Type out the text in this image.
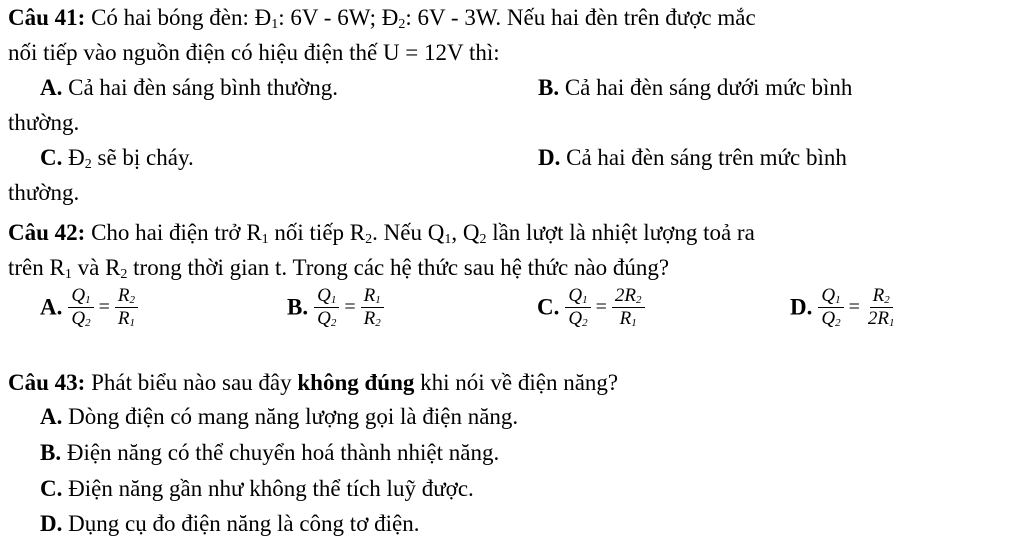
Câu 41: Có hai bóng đèn: $Đ_1$: 6V - 6W; $Đ_2$: 6V - 3W. Nếu hai đèn trên được mắc
nối tiếp vào nguồn điện có hiệu điện thế U = 12V thì:
A. Cả hai đèn sáng bình thường.	B. Cả hai đèn sáng dưới mức bình
thường.
C. $Đ_2$ sẽ bị cháy.	D. Cả hai đèn sáng trên mức bình
thường.
Câu 42: Cho hai điện trở $R_1$ nối tiếp $R_2$. Nếu $Q_1$, $Q_2$ lần lượt là nhiệt lượng toả ra
trên $R_1$ và $R_2$ trong thời gian t. Trong các hệ thức sau hệ thức nào đúng?
A. $\frac{Q_1}{Q_2} = \frac{R_2}{R_1}$	B. $\frac{Q_1}{Q_2} = \frac{R_1}{R_2}$	C. $\frac{Q_1}{Q_2} = \frac{2R_2}{R_1}$	D. $\frac{Q_1}{Q_2} = \frac{R_2}{2R_1}$
Câu 43: Phát biểu nào sau đây không đúng khi nói về điện năng?
A. Dòng điện có mang năng lượng gọi là điện năng.
B. Điện năng có thể chuyển hoá thành nhiệt năng.
C. Điện năng gần như không thể tích luỹ được.
D. Dụng cụ đo điện năng là công tơ điện.
